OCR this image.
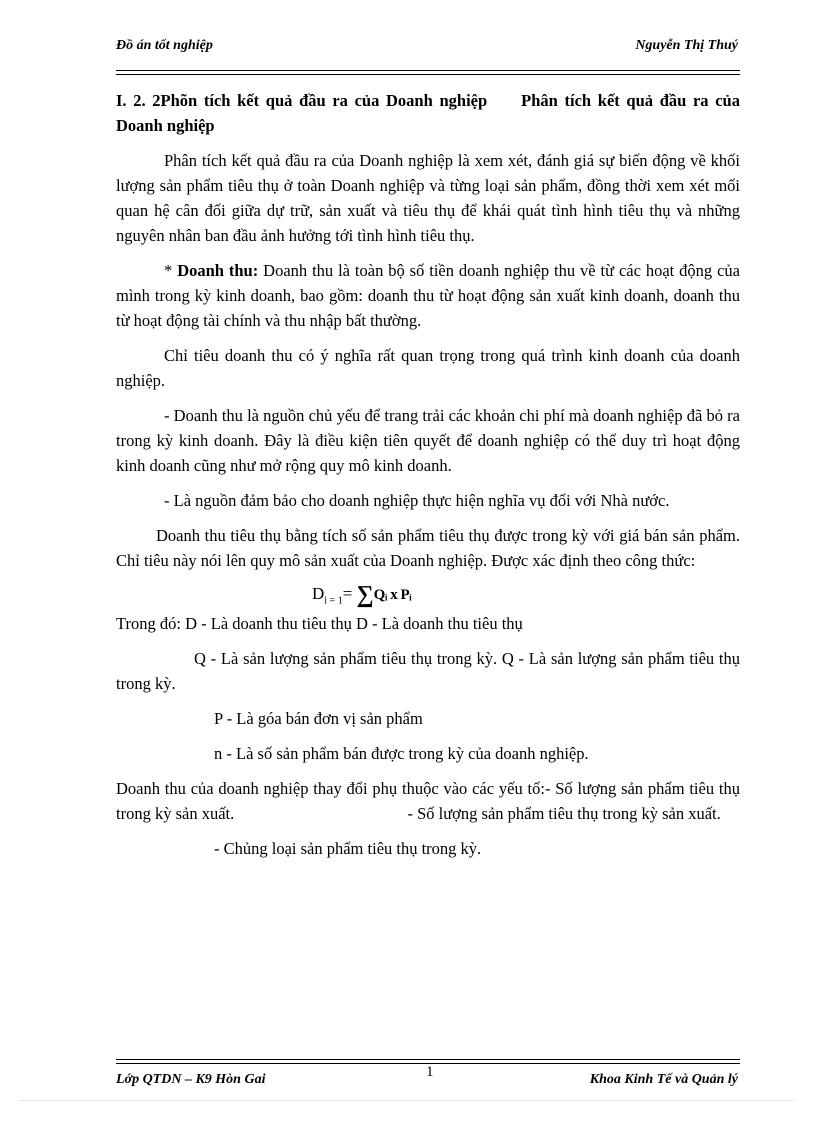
Đồ án tốt nghiệp	Nguyễn Thị Thuý

I. 2. 2Phõn tích kết quả đầu ra của Doanh nghiệp Phân tích kết quả đầu ra của Doanh nghiệp

Phân tích kết quả đầu ra của Doanh nghiệp là xem xét, đánh giá sự biến động về khối lượng sản phẩm tiêu thụ ở toàn Doanh nghiệp và từng loại sản phẩm, đồng thời xem xét mối quan hệ cân đối giữa dự trữ, sản xuất và tiêu thụ để khái quát tình hình tiêu thụ và những nguyên nhân ban đầu ảnh hưởng tới tình hình tiêu thụ.

* Doanh thu: Doanh thu là toàn bộ số tiền doanh nghiệp thu về từ các hoạt động của mình trong kỳ kinh doanh, bao gồm: doanh thu từ hoạt động sản xuất kinh doanh, doanh thu từ hoạt động tài chính và thu nhập bất thường.

Chỉ tiêu doanh thu có ý nghĩa rất quan trọng trong quá trình kinh doanh của doanh nghiệp.

- Doanh thu là nguồn chủ yếu để trang trải các khoản chi phí mà doanh nghiệp đã bỏ ra trong kỳ kinh doanh. Đây là điều kiện tiên quyết để doanh nghiệp có thể duy trì hoạt động kinh doanh cũng như mở rộng quy mô kinh doanh.

- Là nguồn đảm bảo cho doanh nghiệp thực hiện nghĩa vụ đối với Nhà nước.

Doanh thu tiêu thụ bằng tích số sản phẩm tiêu thụ được trong kỳ với giá bán sản phẩm. Chỉ tiêu này nói lên quy mô sản xuất của Doanh nghiệp. Được xác định theo công thức:

$D_{i = 1}=$ ∑Qᵢ x Pᵢ

Trong đó: D - Là doanh thu tiêu thụ D - Là doanh thu tiêu thụ

Q - Là sản lượng sản phẩm tiêu thụ trong kỳ. Q - Là sản lượng sản phẩm tiêu thụ trong kỳ.

P - Là góa bán đơn vị sản phẩm

n - Là số sản phẩm bán được trong kỳ của doanh nghiệp.

Doanh thu của doanh nghiệp thay đổi phụ thuộc vào các yếu tố:- Số lượng sản phẩm tiêu thụ trong kỳ sản xuất.                                          - Số lượng sản phẩm tiêu thụ trong kỳ sản xuất.

- Chủng loại sản phẩm tiêu thụ trong kỳ.

Lớp QTDN – K9 Hòn Gai	1	Khoa Kinh Tế và Quản lý
